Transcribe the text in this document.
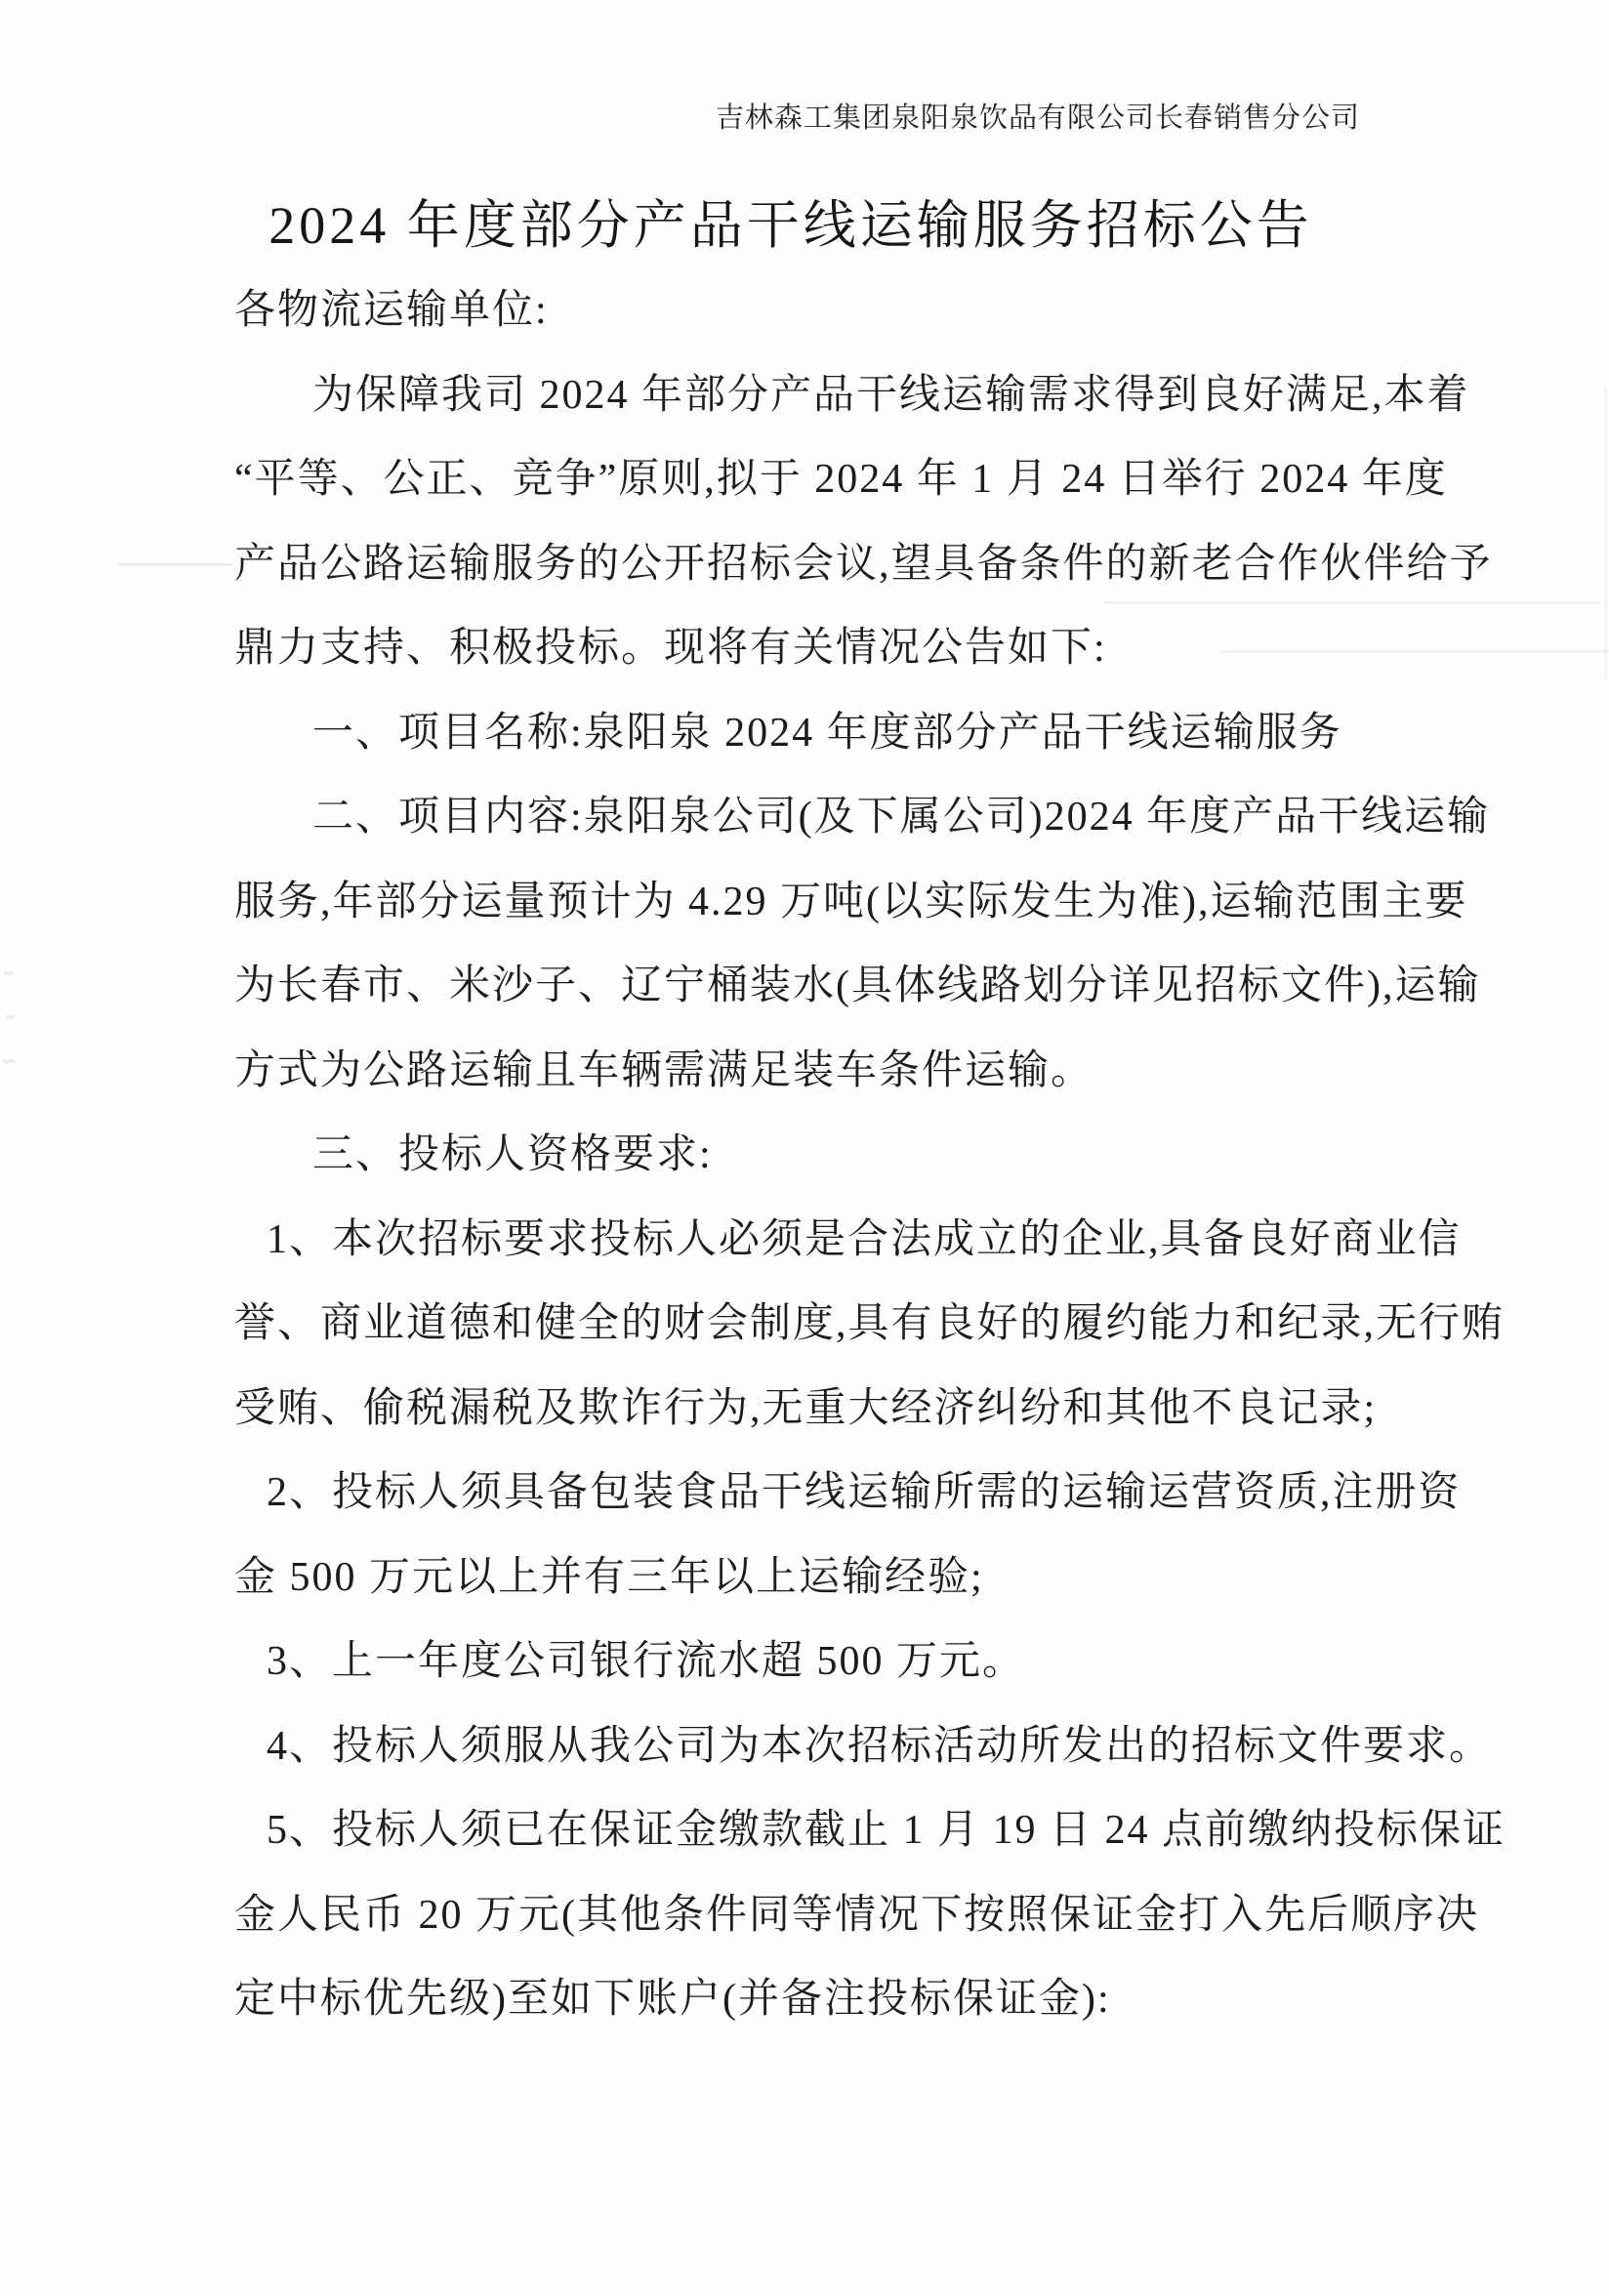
吉林森工集团泉阳泉饮品有限公司长春销售分公司
2024 年度部分产品干线运输服务招标公告
各物流运输单位:
为保障我司 2024 年部分产品干线运输需求得到良好满足,本着
“平等、公正、竞争”原则,拟于 2024 年 1 月 24 日举行 2024 年度
产品公路运输服务的公开招标会议,望具备条件的新老合作伙伴给予
鼎力支持、积极投标。现将有关情况公告如下:
一、项目名称:泉阳泉 2024 年度部分产品干线运输服务
二、项目内容:泉阳泉公司(及下属公司)2024 年度产品干线运输
服务,年部分运量预计为 4.29 万吨(以实际发生为准),运输范围主要
为长春市、米沙子、辽宁桶装水(具体线路划分详见招标文件),运输
方式为公路运输且车辆需满足装车条件运输。
三、投标人资格要求:
1、本次招标要求投标人必须是合法成立的企业,具备良好商业信
誉、商业道德和健全的财会制度,具有良好的履约能力和纪录,无行贿
受贿、偷税漏税及欺诈行为,无重大经济纠纷和其他不良记录;
2、投标人须具备包装食品干线运输所需的运输运营资质,注册资
金 500 万元以上并有三年以上运输经验;
3、上一年度公司银行流水超 500 万元。
4、投标人须服从我公司为本次招标活动所发出的招标文件要求。
5、投标人须已在保证金缴款截止 1 月 19 日 24 点前缴纳投标保证
金人民币 20 万元(其他条件同等情况下按照保证金打入先后顺序决
定中标优先级)至如下账户(并备注投标保证金):
